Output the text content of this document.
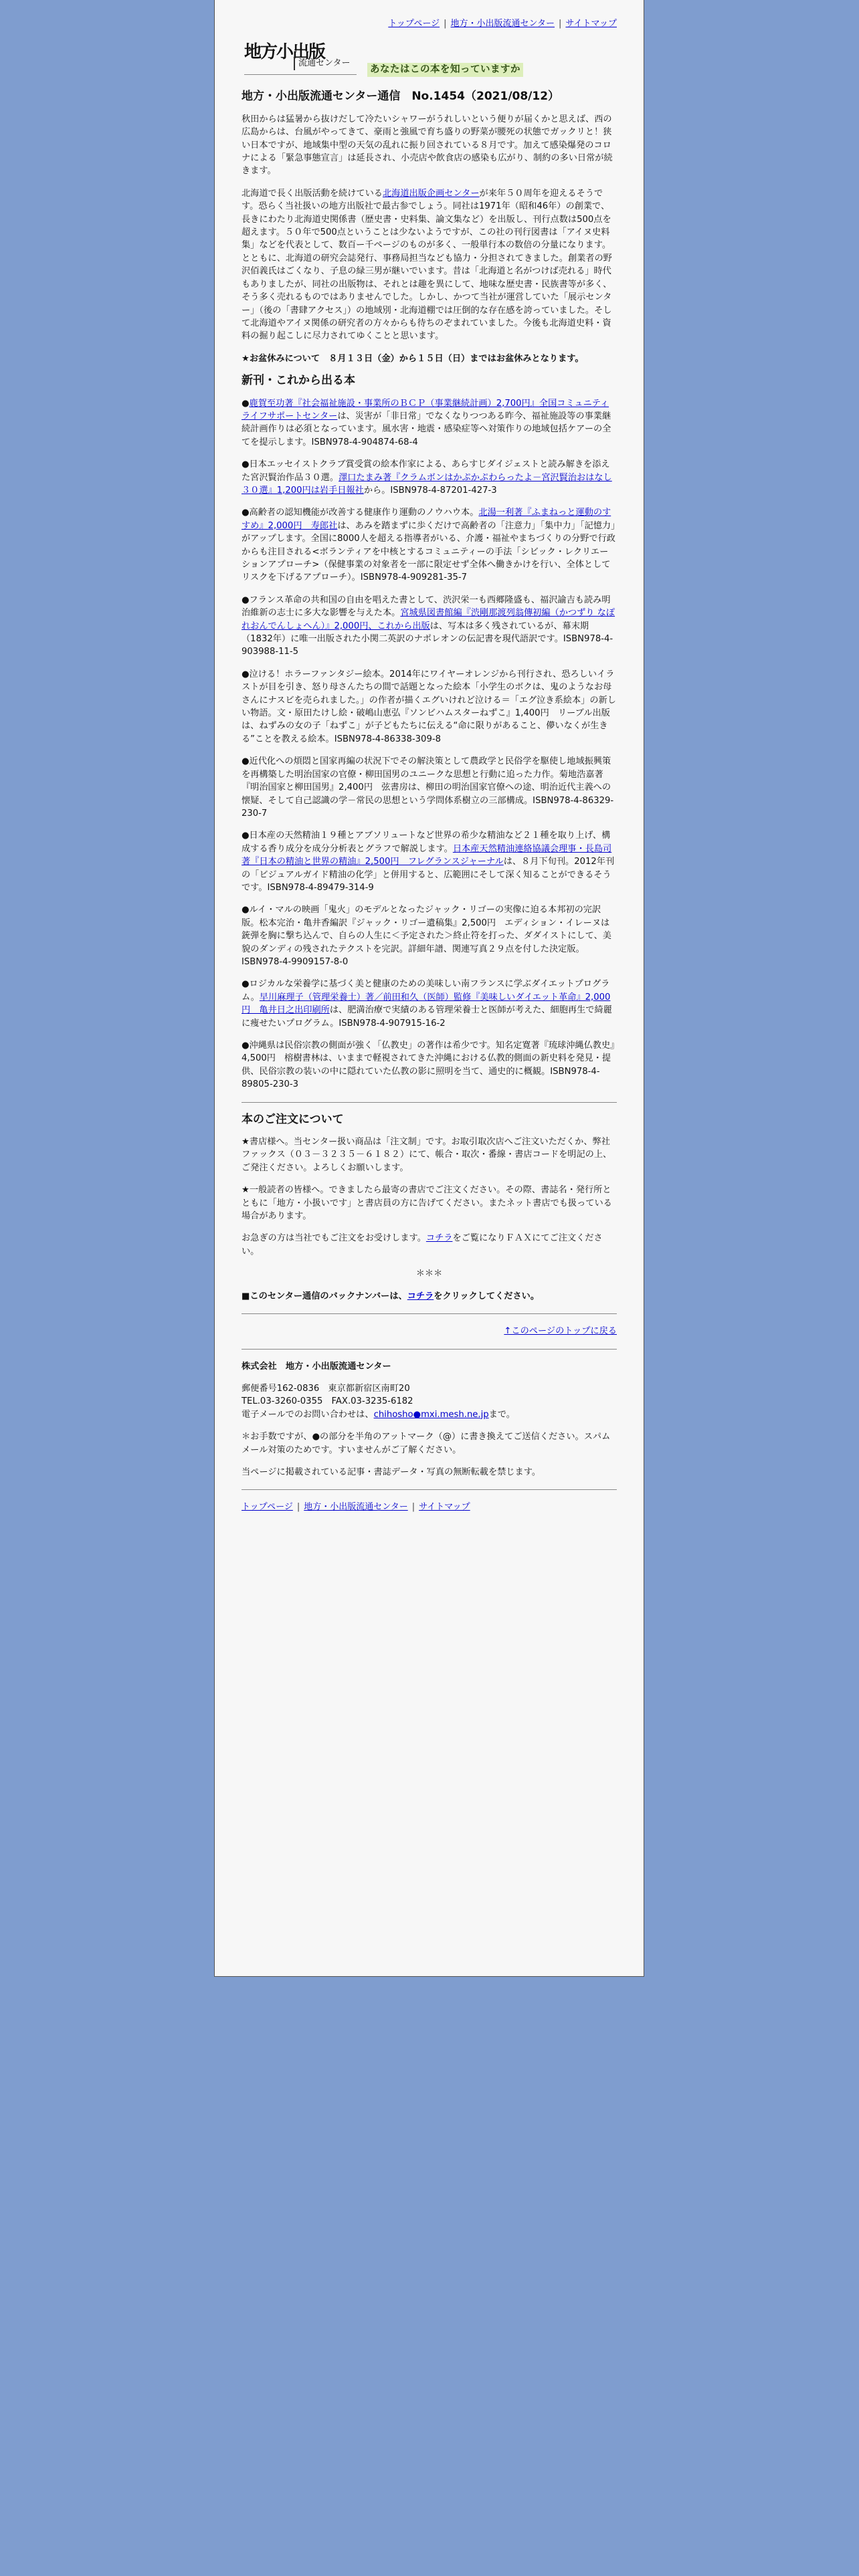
トップページ | 地方・小出版流通センター | サイトマップ
地方小出版
流通センター
あなたはこの本を知っていますか
地方・小出版流通センター通信　No.1454（2021/08/12）

秋田からは猛暑から抜けだして冷たいシャワーがうれしいという便りが届くかと思えば、西の広島からは、台風がやってきて、豪雨と強風で育ち盛りの野菜が腰死の状態でガックリと！狭い日本ですが、地域集中型の天気の乱れに振り回されている８月です。加えて感染爆発のコロナによる「緊急事態宣言」は延長され、小売店や飲食店の感染も広がり、制約の多い日常が続きます。

北海道で長く出版活動を続けている北海道出版企画センターが来年５０周年を迎えるそうです。恐らく当社扱いの地方出版社で最古参でしょう。同社は1971年（昭和46年）の創業で、長きにわたり北海道史関係書（歴史書・史料集、論文集など）を出版し、刊行点数は500点を超えます。５０年で500点ということは少ないようですが、この社の刊行図書は「アイヌ史料集」などを代表として、数百ー千ページのものが多く、一般単行本の数倍の分量になります。とともに、北海道の研究会誌発行、事務局担当なども協力・分担されてきました。創業者の野沢佰義氏はごくなり、子息の緑三男が継いでいます。昔は「北海道と名がつけば売れる」時代もありましたが、同社の出版物は、それとは趣を異にして、地味な歴史書・民族書等が多く、そう多く売れるものではありませんでした。しかし、かつて当社が運営していた「展示センター」（後の「書肆アクセス」）の地域別・北海道棚では圧倒的な存在感を誇っていました。そして北海道やアイヌ関係の研究者の方々からも待ちのぞまれていました。今後も北海道史料・資料の掘り起こしに尽力されてゆくことと思います。

★お盆休みについて　８月１３日（金）から１５日（日）まではお盆休みとなります。

新刊・これから出る本
●鹿賀至功著『社会福祉施設・事業所のＢＣＰ（事業継続計画）2,700円』全国コミュニティライフサポートセンターは、災害が「非日常」でなくなりつつある昨今、福祉施設等の事業継続計画作りは必須となっています。風水害・地震・感染症等へ対策作りの地域包括ケアーの全てを提示します。ISBN978-4-904874-68-4
●日本エッセイストクラブ賞受賞の絵本作家による、あらすじダイジェストと読み解きを添えた宮沢賢治作品３０選。澤口たまみ著『クラムボンはかぷかぷわらったよ－宮沢賢治おはなし３０選』1,200円は岩手日報社から。ISBN978-4-87201-427-3
●高齢者の認知機能が改善する健康作り運動のノウハウ本。北湯一利著『ふまねっと運動のすすめ』2,000円　寿郎社は、あみを踏まずに歩くだけで高齢者の「注意力」「集中力」「記憶力」がアップします。全国に8000人を超える指導者がいる、介護・福祉やまちづくりの分野で行政からも注目される<ボランティアを中核とするコミュニティーの手法「シビック・レクリエーションアプローチ>（保健事業の対象者を一部に限定せず全体へ働きかけを行い、全体としてリスクを下げるアプローチ）。ISBN978-4-909281-35-7
●フランス革命の共和国の自由を唱えた書として、渋沢栄一も西郷隆盛も、福沢諭吉も読み明治維新の志士に多大な影響を与えた本。宮城県図書館編『渋剛那渡列翁傳初編（かつずり なぽれおんでんしょへん）』2,000円、これから出版は、写本は多く残されているが、幕末期（1832年）に唯一出版された小関二英訳のナポレオンの伝記書を現代語訳です。ISBN978-4-903988-11-5
●泣ける！ホラーファンタジー絵本。2014年にワイヤーオレンジから刊行され、恐ろしいイラストが目を引き、怒り母さんたちの間で話題となった絵本「小学生のボクは、鬼のようなお母さんにナスビを売られました。」の作者が描くエグいけれど泣ける＝「エグ泣き系絵本」の新しい物語。文・原田たけし絵・破嶋山恵弘『ソンビハムスターねずこ』1,400円　リーブル出版は、ねずみの女の子「ねずこ」が子どもたちに伝える“命に限りがあること、儚いなくが生きる”ことを教える絵本。ISBN978-4-86338-309-8
●近代化への煩悶と国家再編の状況下でその解決策として農政学と民俗学を駆使し地域振興策を再構築した明治国家の官僚・柳田国男のユニークな思想と行動に追った力作。菊地浩嘉著『明治国家と柳田国男』2,400円　弦書房は、柳田の明治国家官僚への途、明治近代主義への懐疑、そして自己認識の学－常民の思想という学問体系樹立の三部構成。ISBN978-4-86329-230-7
●日本産の天然精油１９種とアブソリュートなど世界の希少な精油など２１種を取り上げ、構成する香り成分を成分分析表とグラフで解説します。日本産天然精油連絡協議会理事・長島司著『日本の精油と世界の精油』2,500円　フレグランスジャーナルは、８月下旬刊。2012年刊の「ビジュアルガイド精油の化学」と併用すると、広範囲にそして深く知ることができるそうです。ISBN978-4-89479-314-9
●ルイ・マルの映画「鬼火」のモデルとなったジャック・リゴーの実像に迫る本邦初の完訳版。松本完治・亀井香編訳『ジャック・リゴー遺稿集』2,500円　エディション・イレーヌは銃弾を胸に撃ち込んで、自らの人生に＜予定された＞終止符を打った、ダダイストにして、美貌のダンディの残されたテクストを完訳。詳細年譜、関連写真２９点を付した決定版。ISBN978-4-9909157-8-0
●ロジカルな栄養学に基づく美と健康のための美味しい南フランスに学ぶダイエットプログラム。早川麻理子（管理栄養士）著／前田和久（医師）監修『美味しいダイエット革命』2,000円　亀井日之出印刷所は、肥満治療で実績のある管理栄養士と医師が考えた、細胞再生で綺麗に痩せたいプログラム。ISBN978-4-907915-16-2
●沖縄県は民俗宗教の側面が強く「仏教史」の著作は希少です。知名定寛著『琉球沖縄仏教史』4,500円　榕樹書林は、いままで軽視されてきた沖縄における仏教的側面の新史料を発見・提供、民俗宗教の装いの中に隠れていた仏教の影に照明を当て、通史的に概観。ISBN978-4-89805-230-3
本のご注文について

★書店様へ。当センター扱い商品は「注文制」です。お取引取次店へご注文いただくか、弊社ファックス（０３－３２３５－６１８２）にて、帳合・取次・番線・書店コードを明記の上、ご発注ください。よろしくお願いします。

★一般読者の皆様へ。できましたら最寄の書店でご注文ください。その際、書誌名・発行所とともに「地方・小扱いです」と書店員の方に告げてください。またネット書店でも扱っている場合があります。

お急ぎの方は当社でもご注文をお受けします。コチラをご覧になりＦＡＸにてご注文ください。

＊＊＊

■このセンター通信のバックナンバーは、コチラをクリックしてください。

↑このページのトップに戻る

株式会社　地方・小出版流通センター

郵便番号162-0836　東京都新宿区南町20
TEL.03-3260-0355　FAX.03-3235-6182
電子メールでのお問い合わせは、chihosho●mxi.mesh.ne.jpまで。

＊お手数ですが、●の部分を半角のアットマーク（@）に書き換えてご送信ください。スパムメール対策のためです。すいませんがご了解ください。

当ページに掲載されている記事・書誌データ・写真の無断転載を禁じます。

トップページ | 地方・小出版流通センター | サイトマップ
